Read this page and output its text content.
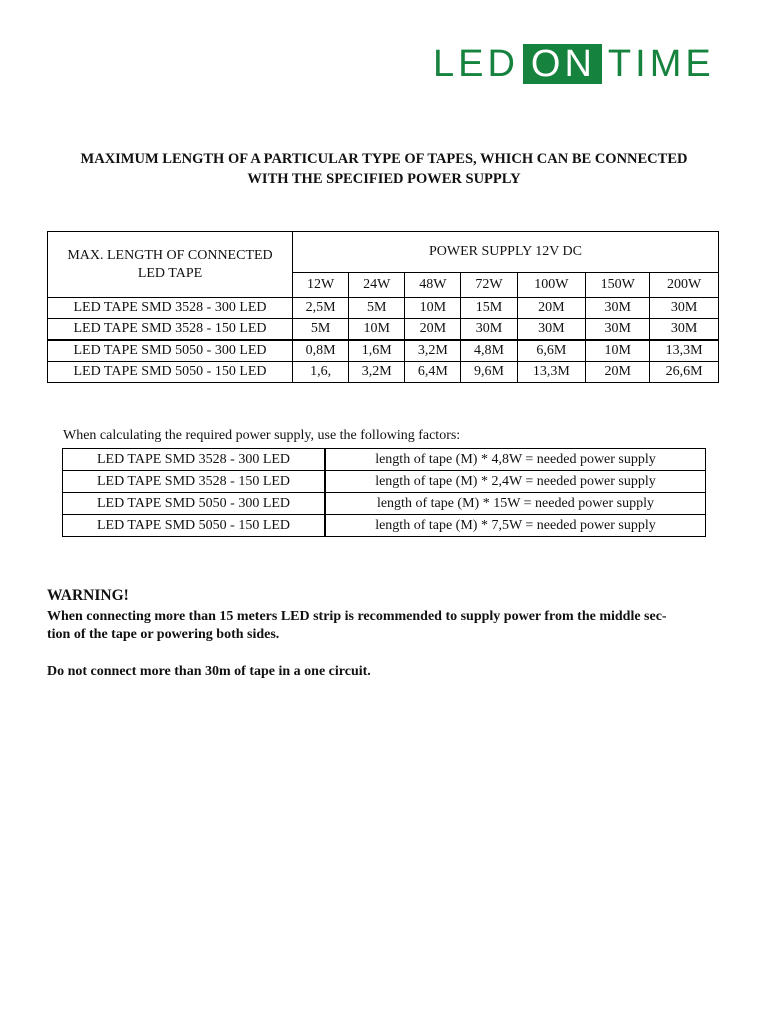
LED ON TIME
MAXIMUM LENGTH OF A PARTICULAR TYPE OF TAPES, WHICH CAN BE CONNECTED
WITH THE SPECIFIED POWER SUPPLY
MAX. LENGTH OF CONNECTED
LED TAPE	POWER SUPPLY 12V DC						
	12W	24W	48W	72W	100W	150W	200W
LED TAPE SMD 3528 - 300 LED	2,5M	5M	10M	15M	20M	30M	30M
LED TAPE SMD 3528 - 150 LED	5M	10M	20M	30M	30M	30M	30M
LED TAPE SMD 5050 - 300 LED	0,8M	1,6M	3,2M	4,8M	6,6M	10M	13,3M
LED TAPE SMD 5050 - 150 LED	1,6,	3,2M	6,4M	9,6M	13,3M	20M	26,6M
When calculating the required power supply, use the following factors:
LED TAPE SMD 3528 - 300 LED	length of tape (M) * 4,8W = needed power supply
LED TAPE SMD 3528 - 150 LED	length of tape (M) * 2,4W = needed power supply
LED TAPE SMD 5050 - 300 LED	length of tape (M) * 15W = needed power supply
LED TAPE SMD 5050 - 150 LED	length of tape (M) * 7,5W = needed power supply
WARNING!
When connecting more than 15 meters LED strip is recommended to supply power from the middle sec-
tion of the tape or powering both sides.
Do not connect more than 30m of tape in a one circuit.
